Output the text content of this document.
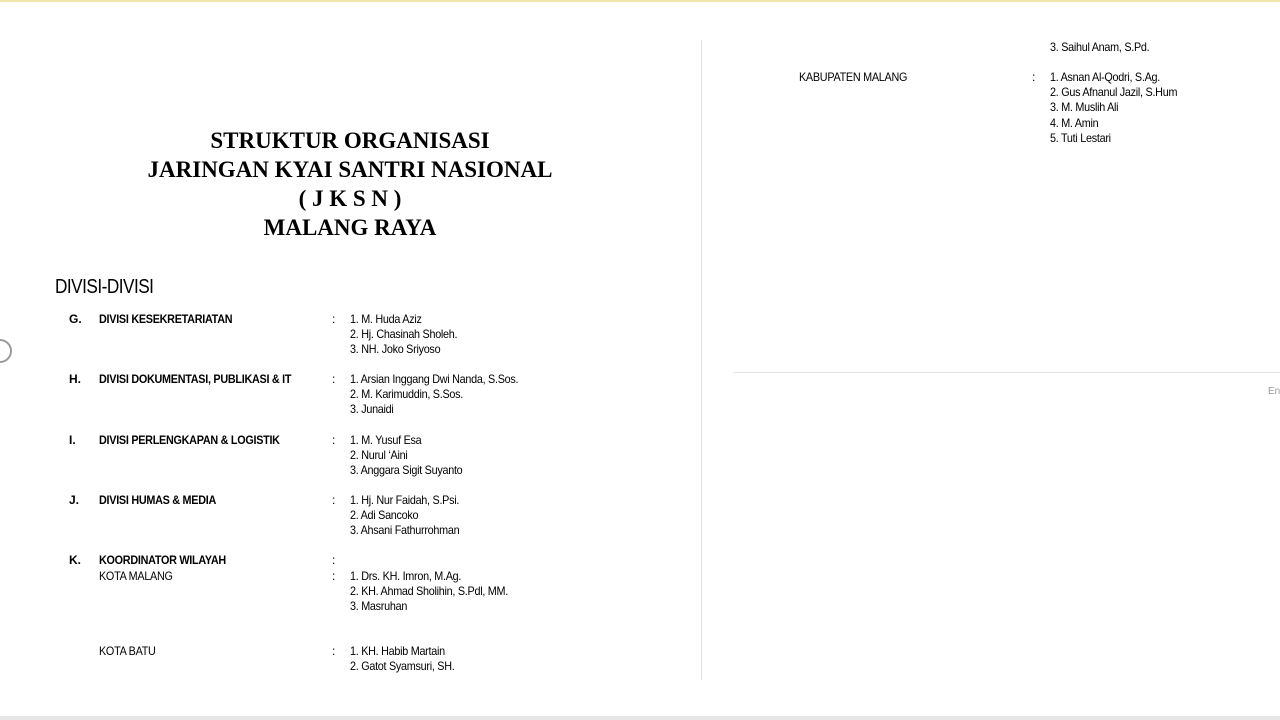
En
STRUKTUR ORGANISASI
JARINGAN KYAI SANTRI NASIONAL
( J K S N )
MALANG RAYA
DIVISI-DIVISI
G. DIVISI KESEKRETARIATAN	: 1. M. Huda Aziz
2. Hj. Chasinah Sholeh.
3. NH. Joko Sriyoso
H. DIVISI DOKUMENTASI, PUBLIKASI & IT	: 1. Arsian Inggang Dwi Nanda, S.Sos.
2. M. Karimuddin, S.Sos.
3. Junaidi
I. DIVISI PERLENGKAPAN & LOGISTIK	: 1. M. Yusuf Esa
2. Nurul ‘Aini
3. Anggara Sigit Suyanto
J. DIVISI HUMAS & MEDIA	: 1. Hj. Nur Faidah, S.Psi.
2. Adi Sancoko
3. Ahsani Fathurrohman
K. KOORDINATOR WILAYAH	:
KOTA MALANG	: 1. Drs. KH. Imron, M.Ag.
2. KH. Ahmad Sholihin, S.Pdl, MM.
3. Masruhan
KOTA BATU	: 1. KH. Habib Martain
2. Gatot Syamsuri, SH.
3. Saihul Anam, S.Pd.
KABUPATEN MALANG	: 1. Asnan Al-Qodri, S.Ag.
2. Gus Afnanul Jazil, S.Hum
3. M. Muslih Ali
4. M. Amin
5. Tuti Lestari
